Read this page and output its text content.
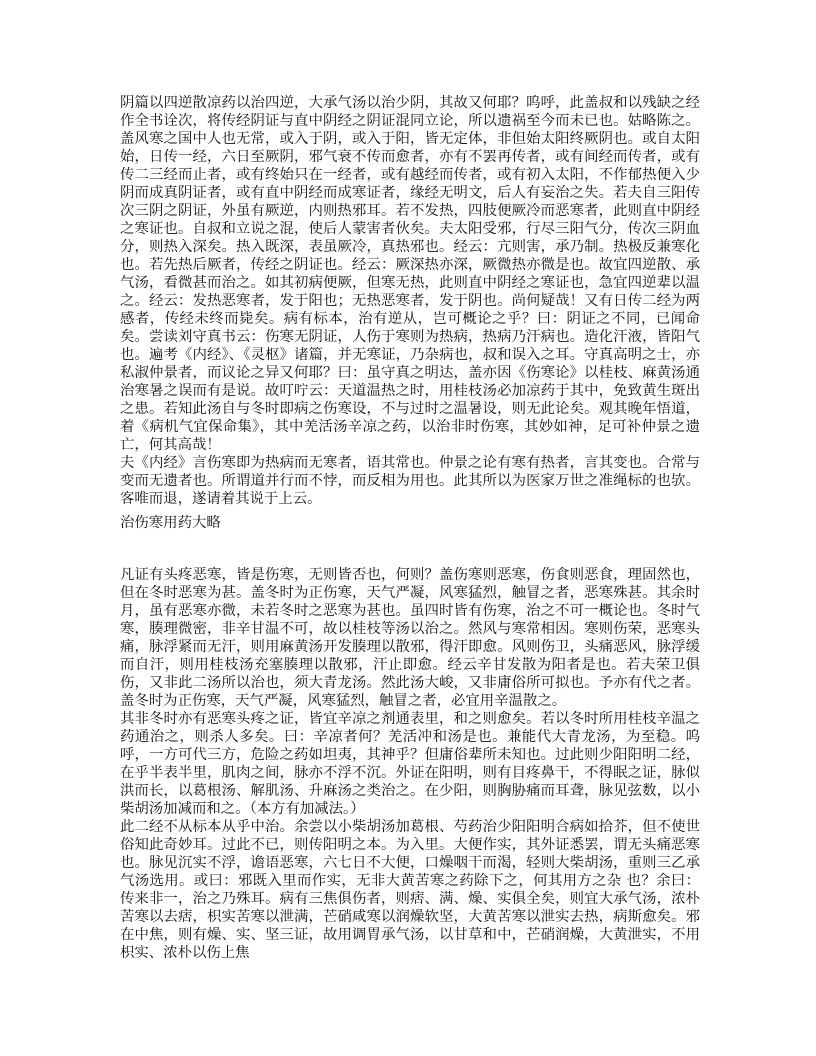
阴篇以四逆散凉药以治四逆，大承气汤以治少阴，其故又何耶？呜呼，此盖叔和以残缺之经作全书诠次，将传经阴证与直中阴经之阴证混同立论，所以遗祸至今而未已也。姑略陈之。盖风寒之国中人也无常，或入于阴，或入于阳，皆无定体，非但始太阳终厥阴也。或自太阳始，日传一经，六日至厥阴，邪气衰不传而愈者，亦有不罢再传者，或有间经而传者，或有传二三经而止者，或有终始只在一经者，或有越经而传者，或有初入太阳，不作郁热便入少阴而成真阴证者，或有直中阴经而成寒证者，缘经无明文，后人有妄治之失。若夫自三阳传次三阴之阴证，外虽有厥逆，内则热邪耳。若不发热，四肢便厥冷而恶寒者，此则直中阴经之寒证也。自叔和立说之混，使后人蒙害者伙矣。夫太阳受邪，行尽三阳气分，传次三阴血分，则热入深矣。热入既深，表虽厥冷，真热邪也。经云：亢则害，承乃制。热极反兼寒化也。若先热后厥者，传经之阴证也。经云：厥深热亦深，厥微热亦微是也。故宜四逆散、承气汤，看微甚而治之。如其初病便厥，但寒无热，此则直中阴经之寒证也，急宜四逆辈以温之。经云：发热恶寒者，发于阳也；无热恶寒者，发于阴也。尚何疑哉！又有日传二经为两感者，传经未终而毙矣。病有标本，治有逆从，岂可概论之乎？曰：阴证之不同，已闻命矣。尝读刘守真书云：伤寒无阴证，人伤于寒则为热病，热病乃汗病也。造化汗液，皆阳气也。遍考《内经》、《灵枢》诸篇，并无寒证，乃杂病也，叔和误入之耳。守真高明之士，亦私淑仲景者，而议论之异又何耶？曰：虽守真之明达，盖亦因《伤寒论》以桂枝、麻黄汤通治寒暑之误而有是说。故叮咛云：天道温热之时，用桂枝汤必加凉药于其中，免致黄生斑出之患。若知此汤自与冬时即病之伤寒设，不与过时之温暑设，则无此论矣。观其晚年悟道，着《病机气宜保命集》，其中羌活汤辛凉之药，以治非时伤寒，其妙如神，足可补仲景之遗亡，何其高哉！

夫《内经》言伤寒即为热病而无寒者，语其常也。仲景之论有寒有热者，言其变也。合常与变而无遗者也。所谓道并行而不悖，而反相为用也。此其所以为医家万世之准绳标的也欤。客唯而退，遂请着其说于上云。

治伤寒用药大略

凡证有头疼恶寒，皆是伤寒，无则皆否也，何则？盖伤寒则恶寒，伤食则恶食，理固然也，但在冬时恶寒为甚。盖冬时为正伤寒，天气严凝，风寒猛烈，触冒之者，恶寒殊甚。其余时月，虽有恶寒亦微，未若冬时之恶寒为甚也。虽四时皆有伤寒，治之不可一概论也。冬时气寒，腠理微密，非辛甘温不可，故以桂枝等汤以治之。然风与寒常相因。寒则伤荣，恶寒头痛，脉浮紧而无汗，则用麻黄汤开发腠理以散邪，得汗即愈。风则伤卫，头痛恶风，脉浮缓而自汗，则用桂枝汤充塞腠理以散邪，汗止即愈。经云辛甘发散为阳者是也。若夫荣卫俱伤，又非此二汤所以治也，须大青龙汤。然此汤大峻，又非庸俗所可拟也。予亦有代之者。盖冬时为正伤寒，天气严凝，风寒猛烈，触冒之者，必宜用辛温散之。

其非冬时亦有恶寒头疼之证，皆宜辛凉之剂通表里，和之则愈矣。若以冬时所用桂枝辛温之药通治之，则杀人多矣。曰：辛凉者何？羌活冲和汤是也。兼能代大青龙汤，为至稳。呜呼，一方可代三方，危险之药如坦夷，其神乎？但庸俗辈所未知也。过此则少阳阳明二经，在乎半表半里，肌肉之间，脉亦不浮不沉。外证在阳明，则有目疼鼻干，不得眠之证，脉似洪而长，以葛根汤、解肌汤、升麻汤之类治之。在少阳，则胸胁痛而耳聋，脉见弦数，以小柴胡汤加减而和之。（本方有加减法。）

此二经不从标本从乎中治。余尝以小柴胡汤加葛根、芍药治少阳阳明合病如拾芥，但不使世俗知此奇妙耳。过此不已，则传阳明之本。为入里。大便作实，其外证悉罢，谓无头痛恶寒也。脉见沉实不浮，谵语恶寒，六七日不大便，口燥咽干而渴，轻则大柴胡汤，重则三乙承气汤选用。或曰：邪既入里而作实，无非大黄苦寒之药除下之，何其用方之杂 也？余曰：传来非一，治之乃殊耳。病有三焦俱伤者，则痞、满、燥、实俱全矣，则宜大承气汤，浓朴苦寒以去痞，枳实苦寒以泄满，芒硝咸寒以润燥软坚，大黄苦寒以泄实去热，病斯愈矣。邪在中焦，则有燥、实、坚三证，故用调胃承气汤，以甘草和中，芒硝润燥，大黄泄实，不用枳实、浓朴以伤上焦
